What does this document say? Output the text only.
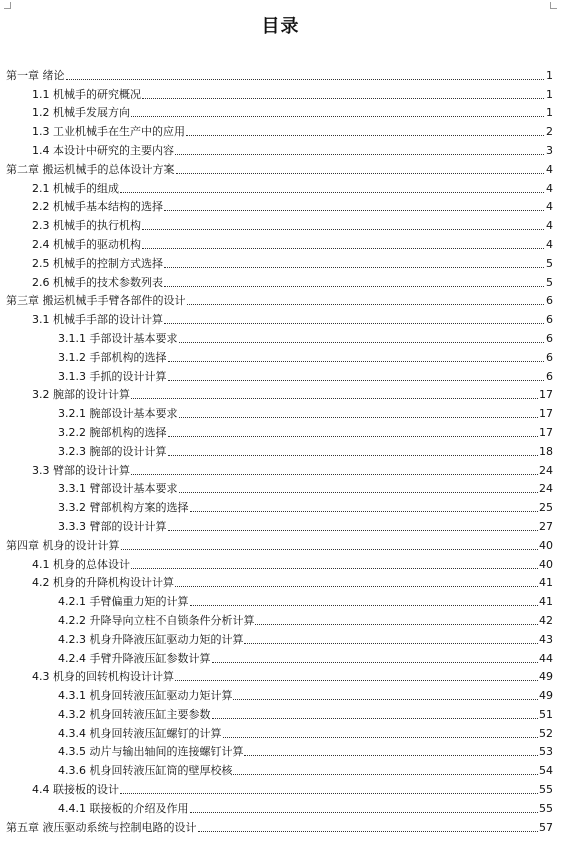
目录
第一章 绪论	1
1.1 机械手的研究概况	1
1.2 机械手发展方向	1
1.3 工业机械手在生产中的应用	2
1.4 本设计中研究的主要内容	3
第二章 搬运机械手的总体设计方案	4
2.1 机械手的组成	4
2.2 机械手基本结构的选择	4
2.3 机械手的执行机构	4
2.4 机械手的驱动机构	4
2.5 机械手的控制方式选择	5
2.6 机械手的技术参数列表	5
第三章 搬运机械手手臂各部件的设计	6
3.1 机械手手部的设计计算	6
3.1.1 手部设计基本要求	6
3.1.2 手部机构的选择	6
3.1.3 手抓的设计计算	6
3.2 腕部的设计计算	17
3.2.1 腕部设计基本要求	17
3.2.2 腕部机构的选择	17
3.2.3 腕部的设计计算	18
3.3 臂部的设计计算	24
3.3.1 臂部设计基本要求	24
3.3.2 臂部机构方案的选择	25
3.3.3 臂部的设计计算	27
第四章 机身的设计计算	40
4.1 机身的总体设计	40
4.2 机身的升降机构设计计算	41
4.2.1 手臂偏重力矩的计算	41
4.2.2 升降导向立柱不自锁条件分析计算	42
4.2.3 机身升降液压缸驱动力矩的计算	43
4.2.4 手臂升降液压缸参数计算	44
4.3 机身的回转机构设计计算	49
4.3.1 机身回转液压缸驱动力矩计算	49
4.3.2 机身回转液压缸主要参数	51
4.3.4 机身回转液压缸螺钉的计算	52
4.3.5 动片与输出轴间的连接螺钉计算	53
4.3.6 机身回转液压缸筒的壁厚校核	54
4.4 联接板的设计	55
4.4.1 联接板的介绍及作用	55
第五章 液压驱动系统与控制电路的设计	57
